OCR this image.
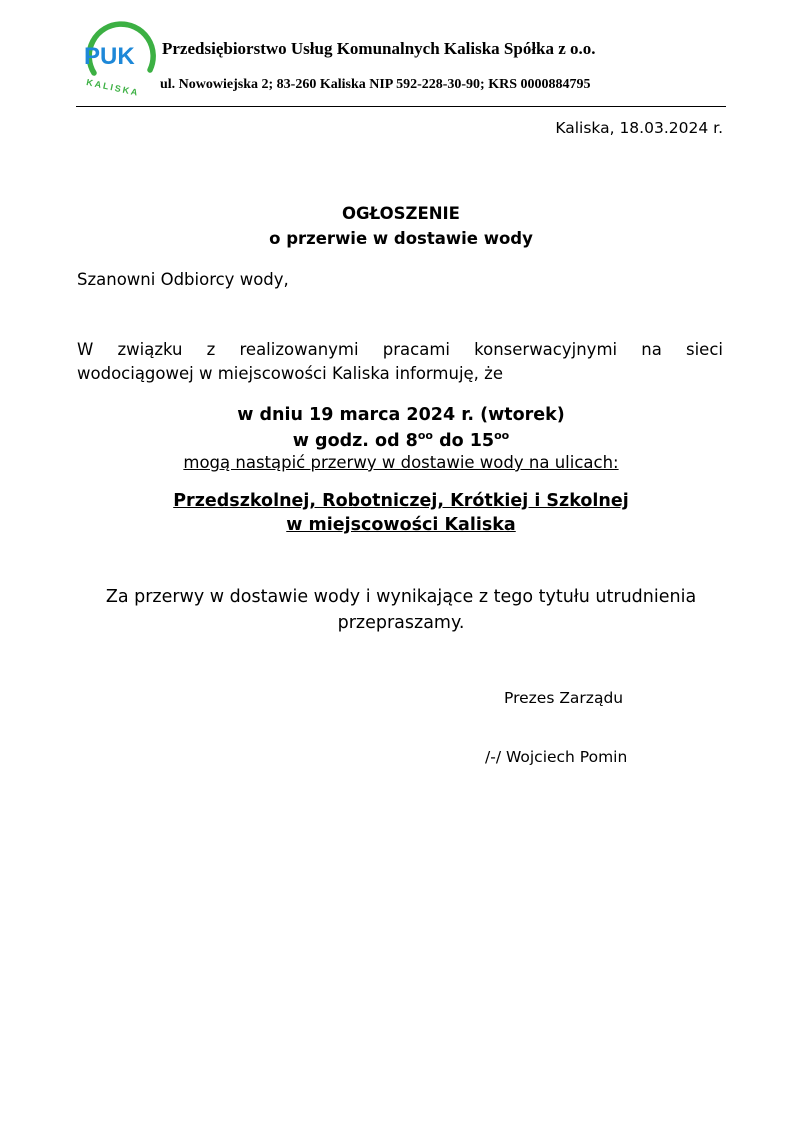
PUK
KALISKA
Przedsiębiorstwo Usług Komunalnych Kaliska Spółka z o.o.
ul. Nowowiejska 2; 83-260 Kaliska NIP 592-228-30-90; KRS 0000884795
Kaliska, 18.03.2024 r.
OGŁOSZENIE
o przerwie w dostawie wody
Szanowni Odbiorcy wody,
W związku z realizowanymi pracami konserwacyjnymi na sieci
wodociągowej w miejscowości Kaliska informuję, że
w dniu 19 marca 2024 r. (wtorek)
w godz. od $8^{oo}$ do $15^{oo}$
mogą nastąpić przerwy w dostawie wody na ulicach:
Przedszkolnej, Robotniczej, Krótkiej i Szkolnej
w miejscowości Kaliska
Za przerwy w dostawie wody i wynikające z tego tytułu utrudnienia
przepraszamy.
Prezes Zarządu
/-/ Wojciech Pomin
